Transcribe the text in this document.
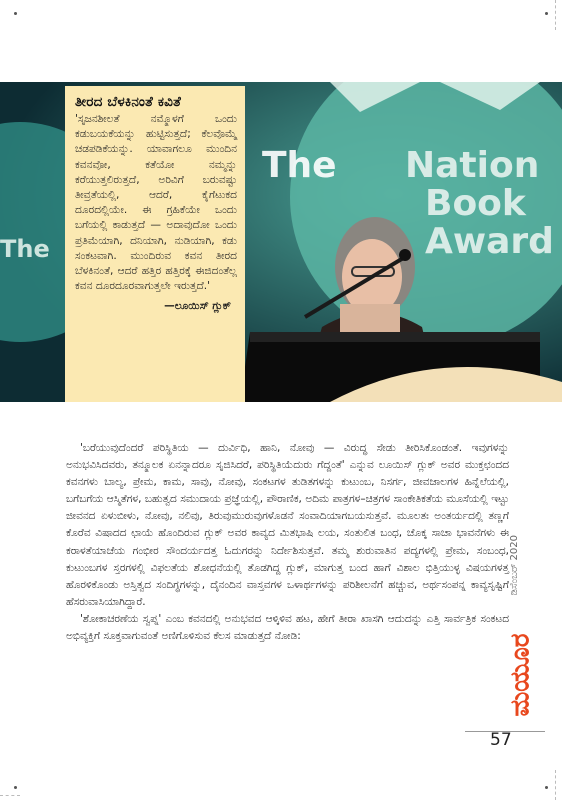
The Nation
Book
Award
The
ತೀರದ ಬೆಳಕಿನಂತೆ ಕವಿತೆ

'ಸೃಜನಶೀಲತೆ ನಮ್ಮೊಳಗೆ ಒಂದು ಕಡುಬಯಕೆಯನ್ನು ಹುಟ್ಟಿಸುತ್ತದೆ; ಕೆಲವೊಮ್ಮೆ ಚಡಪಡಿಕೆಯನ್ನು. ಯಾವಾಗಲೂ ಮುಂದಿನ ಕವನವೋ, ಕತೆಯೋ ನಮ್ಮನ್ನು ಕರೆಯುತ್ತಲಿರುತ್ತದೆ, ಅರಿವಿಗೆ ಬರುವಷ್ಟು ತೀವ್ರತೆಯಲ್ಲಿ, ಆದರೆ, ಕೈಗೆಟುಕದ ದೂರದಲ್ಲಿಯೇ. ಈ ಗ್ರಹಿಕೆಯೇ ಒಂದು ಬಗೆಯಲ್ಲಿ ಕಾಡುತ್ತದೆ — ಅದಾವುದೋ ಒಂದು ಪ್ರತಿಮೆಯಾಗಿ, ದನಿಯಾಗಿ, ನುಡಿಯಾಗಿ, ಕಡು ಸಂಕಟವಾಗಿ. ಮುಂದಿರುವ ಕವನ ತೀರದ ಬೆಳಕಿನಂತೆ, ಆದರೆ ಹತ್ತಿರ ಹತ್ತಿರಕ್ಕೆ ಈಜಿದಂತೆಲ್ಲ ಕವನ ದೂರದೂರವಾಗುತ್ತಲೇ ಇರುತ್ತದೆ.'

—ಲೂಯಿಸ್ ಗ್ಲುಕ್

'ಬರೆಯುವುದೆಂದರೆ ಪರಿಸ್ಥಿತಿಯ — ದುರ್ವಿಧಿ, ಹಾನಿ, ನೋವು — ವಿರುದ್ಧ ಸೇಡು ತೀರಿಸಿಕೊಂಡಂತೆ. ಇವುಗಳನ್ನು ಅನುಭವಿಸಿದವರು, ತನ್ಮೂಲಕ ಏನನ್ನಾದರೂ ಸೃಜಿಸಿದರೆ, ಪರಿಸ್ಥಿತಿಯೆದುರು ಗೆದ್ದಂತೆ' ಎನ್ನುವ ಲೂಯಿಸ್ ಗ್ಲುಕ್ ಅವರ ಮುಕ್ತಛಂದದ ಕವನಗಳು ಬಾಲ್ಯ, ಪ್ರೇಮ, ಕಾಮ, ಸಾವು, ನೋವು, ಸಂಕಟಗಳ ತುಡಿತಗಳನ್ನು ಕುಟುಂಬ, ನಿಸರ್ಗ, ಜೀವಜಾಲಗಳ ಹಿನ್ನೆಲೆಯಲ್ಲಿ, ಬಗೆಬಗೆಯ ಆಸ್ಮಿತೆಗಳ, ಬಹುತ್ವದ ಸಮುದಾಯ ಪ್ರಜ್ಞೆಯಲ್ಲಿ, ಪೌರಾಣಿಕ, ಅದಿಮ ಪಾತ್ರಗಳ–ಚಿತ್ರಗಳ ಸಾಂಕೇತಿಕತೆಯ ಮೂಸೆಯಲ್ಲಿ ಇಟ್ಟು ಜೀವನದ ಏಳುಬೀಳು, ನೋವು, ನಲಿವು, ತಿರುವುಮುರುವುಗಳೊಡನೆ ಸಂವಾದಿಯಾಗಬಯಸುತ್ತವೆ. ಮೂಲತಃ ಅಂತರ್ಯದಲ್ಲಿ ತಣ್ಣಗೆ ಕೊರೆವ ವಿಷಾದದ ಛಾಯೆ ಹೊಂದಿರುವ ಗ್ಲುಕ್ ಅವರ ಕಾವ್ಯದ ಮಿತಭಾಷಿ ಲಯ, ಸಂತುಲಿತ ಬಂಧ, ಚೊಕ್ಕ ಸಾಚಾ ಭಾವನೆಗಳು ಈ ಕರಾಳತೆಯಾಚೆಯ ಗಂಭೀರ ಸೌಂದರ್ಯದತ್ತ ಓದುಗರನ್ನು ನಿರ್ದೇಶಿಸುತ್ತವೆ. ತಮ್ಮ ಶುರುವಾತಿನ ಪದ್ಯಗಳಲ್ಲಿ ಪ್ರೇಮ, ಸಂಬಂಧ, ಕುಟುಂಬಗಳ ಸ್ತರಗಳಲ್ಲಿ ವಿಫಲತೆಯ ಶೋಧನೆಯಲ್ಲಿ ತೊಡಗಿದ್ದ ಗ್ಲುಕ್, ಮಾಗುತ್ತ ಬಂದ ಹಾಗೆ ವಿಶಾಲ ಭಿತ್ತಿಯುಳ್ಳ ವಿಷಯಗಳತ್ತ ಹೊರಳಿಕೊಂಡು ಅಸ್ತಿತ್ವದ ಸಂದಿಗ್ಧಗಳನ್ನು, ದೈನಂದಿನ ವಾಸ್ತವಗಳ ಒಳಾರ್ಥಗಳನ್ನು ಪರಿಶೀಲನೆಗೆ ಹಚ್ಚುವ, ಅರ್ಥಸಂಪನ್ನ ಕಾವ್ಯಸೃಷ್ಟಿಗೆ ಹೆಸರುವಾಸಿಯಾಗಿದ್ದಾರೆ.

'ಶೋಕಾಚರಣೆಯ ಸ್ವಪ್ನ' ಎಂಬ ಕವನದಲ್ಲಿ ಅನುಭವದ ಆಳ್ಕಿಳಿವ ಹಟ, ಹೇಗೆ ತೀರಾ ಖಾಸಗಿ ಆದುದನ್ನು ಎತ್ತಿ ಸಾರ್ವತ್ರಿಕ ಸಂಕಟದ ಅಭಿವ್ಯಕ್ತಿಗೆ ಸೂಕ್ತವಾಗುವಂತೆ ಅಣಿಗೊಳಿಸುವ ಕೆಲಸ ಮಾಡುತ್ತದೆ ನೋಡಿ:

ಡಿಸೆಂಬರ್ 2020
ಮಯೂರ
57
